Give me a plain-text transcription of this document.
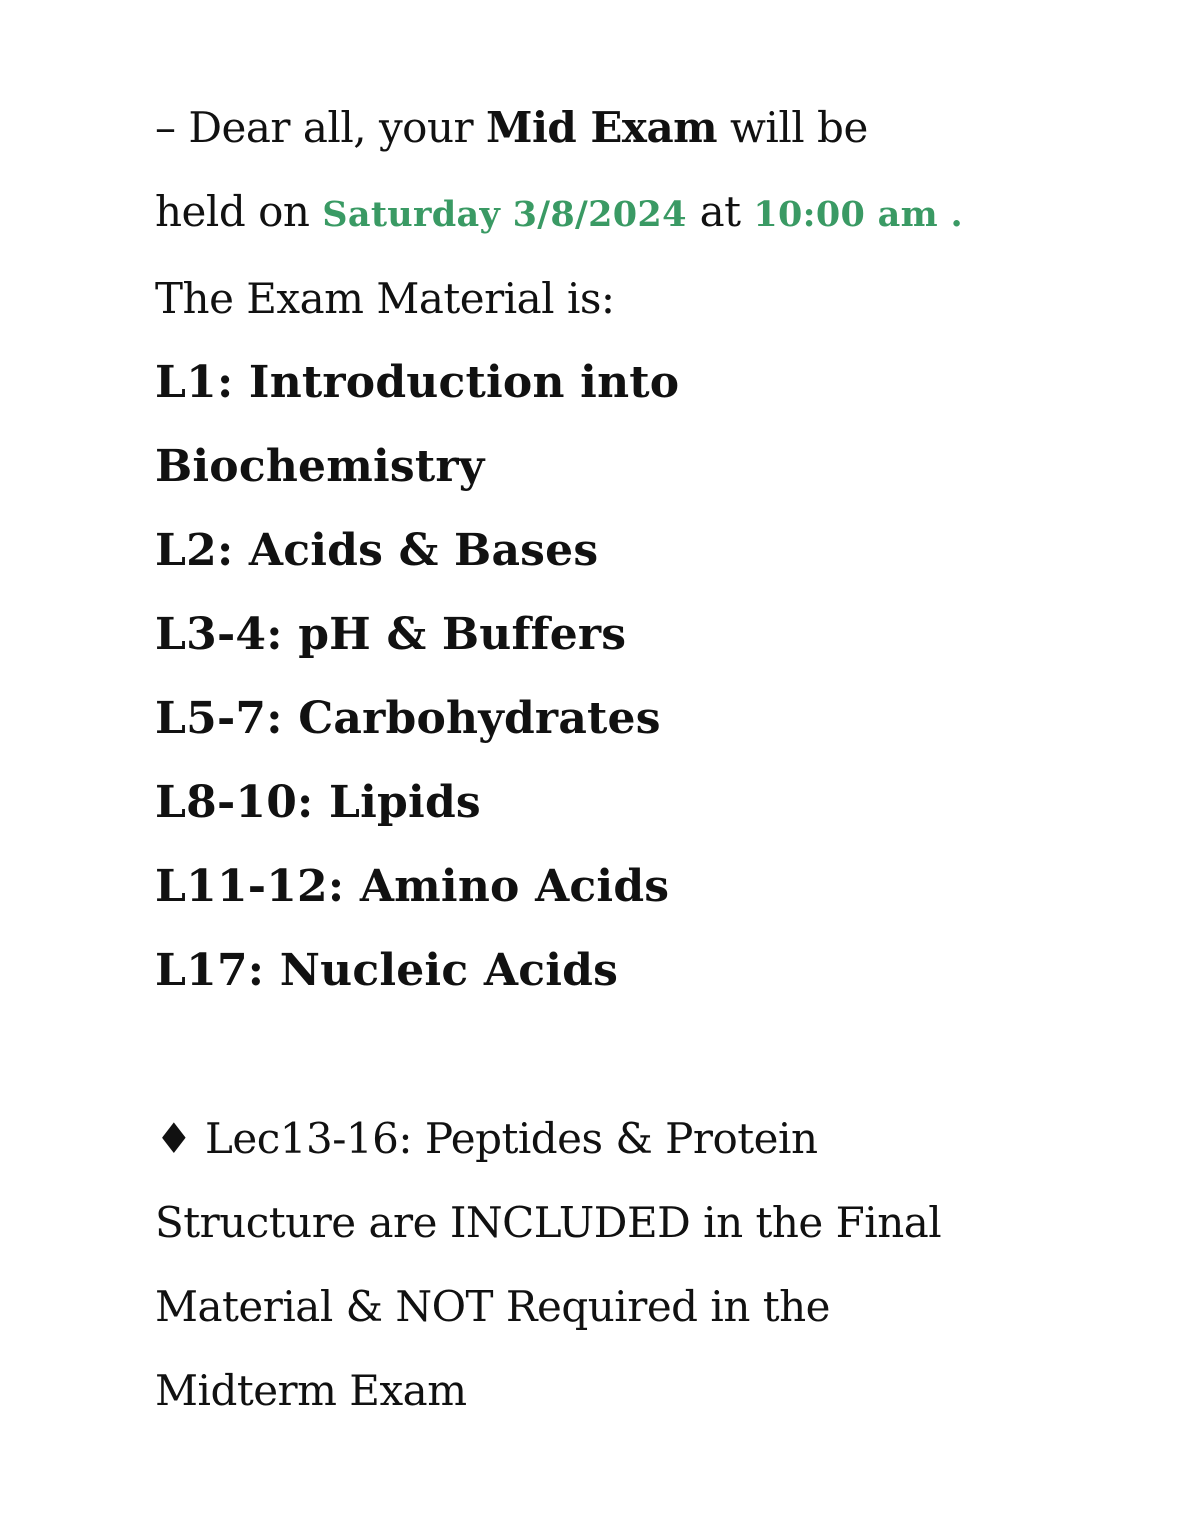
– Dear all, your Mid Exam will be
held on Saturday 3/8/2024 at 10:00 am .
The Exam Material is:
L1: Introduction into
Biochemistry
L2: Acids & Bases
L3-4: pH & Buffers
L5-7: Carbohydrates
L8-10: Lipids
L11-12: Amino Acids
L17: Nucleic Acids
♦ Lec13-16: Peptides & Protein
Structure are INCLUDED in the Final
Material & NOT Required in the
Midterm Exam
